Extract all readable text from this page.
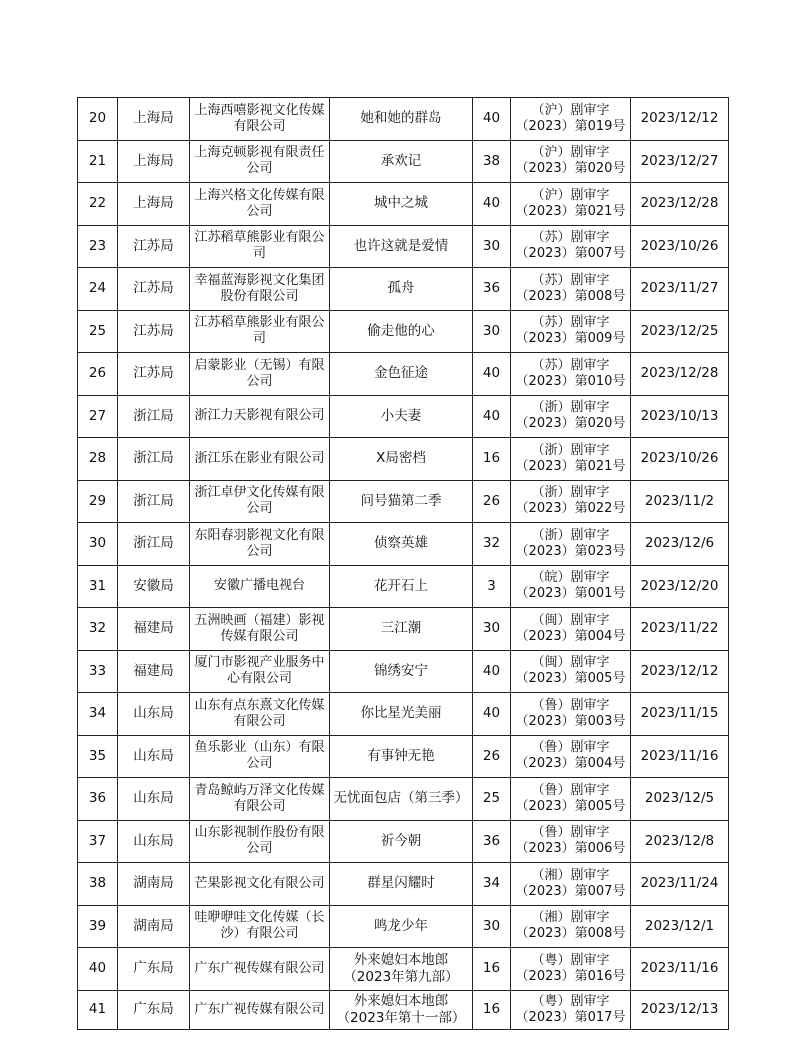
20	上海局	上海西嘻影视文化传媒有限公司	她和她的群岛	40	（沪）剧审字
（2023）第019号	2023/12/12
21	上海局	上海克顿影视有限责任公司	承欢记	38	（沪）剧审字
（2023）第020号	2023/12/27
22	上海局	上海兴格文化传媒有限公司	城中之城	40	（沪）剧审字
（2023）第021号	2023/12/28
23	江苏局	江苏稻草熊影业有限公司	也许这就是爱情	30	（苏）剧审字
（2023）第007号	2023/10/26
24	江苏局	幸福蓝海影视文化集团股份有限公司	孤舟	36	（苏）剧审字
（2023）第008号	2023/11/27
25	江苏局	江苏稻草熊影业有限公司	偷走他的心	30	（苏）剧审字
（2023）第009号	2023/12/25
26	江苏局	启蒙影业（无锡）有限公司	金色征途	40	（苏）剧审字
（2023）第010号	2023/12/28
27	浙江局	浙江力天影视有限公司	小夫妻	40	（浙）剧审字
（2023）第020号	2023/10/13
28	浙江局	浙江乐在影业有限公司	X局密档	16	（浙）剧审字
（2023）第021号	2023/10/26
29	浙江局	浙江卓伊文化传媒有限公司	问号猫第二季	26	（浙）剧审字
（2023）第022号	2023/11/2
30	浙江局	东阳春羽影视文化有限公司	侦察英雄	32	（浙）剧审字
（2023）第023号	2023/12/6
31	安徽局	安徽广播电视台	花开石上	3	（皖）剧审字
（2023）第001号	2023/12/20
32	福建局	五洲映画（福建）影视传媒有限公司	三江潮	30	（闽）剧审字
（2023）第004号	2023/11/22
33	福建局	厦门市影视产业服务中心有限公司	锦绣安宁	40	（闽）剧审字
（2023）第005号	2023/12/12
34	山东局	山东有点东熹文化传媒有限公司	你比星光美丽	40	（鲁）剧审字
（2023）第003号	2023/11/15
35	山东局	鱼乐影业（山东）有限公司	有事钟无艳	26	（鲁）剧审字
（2023）第004号	2023/11/16
36	山东局	青岛鲸屿万泽文化传媒有限公司	无忧面包店（第三季）	25	（鲁）剧审字
（2023）第005号	2023/12/5
37	山东局	山东影视制作股份有限公司	祈今朝	36	（鲁）剧审字
（2023）第006号	2023/12/8
38	湖南局	芒果影视文化有限公司	群星闪耀时	34	（湘）剧审字
（2023）第007号	2023/11/24
39	湖南局	哇咿咿哇文化传媒（长沙）有限公司	鸣龙少年	30	（湘）剧审字
（2023）第008号	2023/12/1
40	广东局	广东广视传媒有限公司	外来媳妇本地郎（2023年第九部）	16	（粤）剧审字
（2023）第016号	2023/11/16
41	广东局	广东广视传媒有限公司	外来媳妇本地郎（2023年第十一部）	16	（粤）剧审字
（2023）第017号	2023/12/13
